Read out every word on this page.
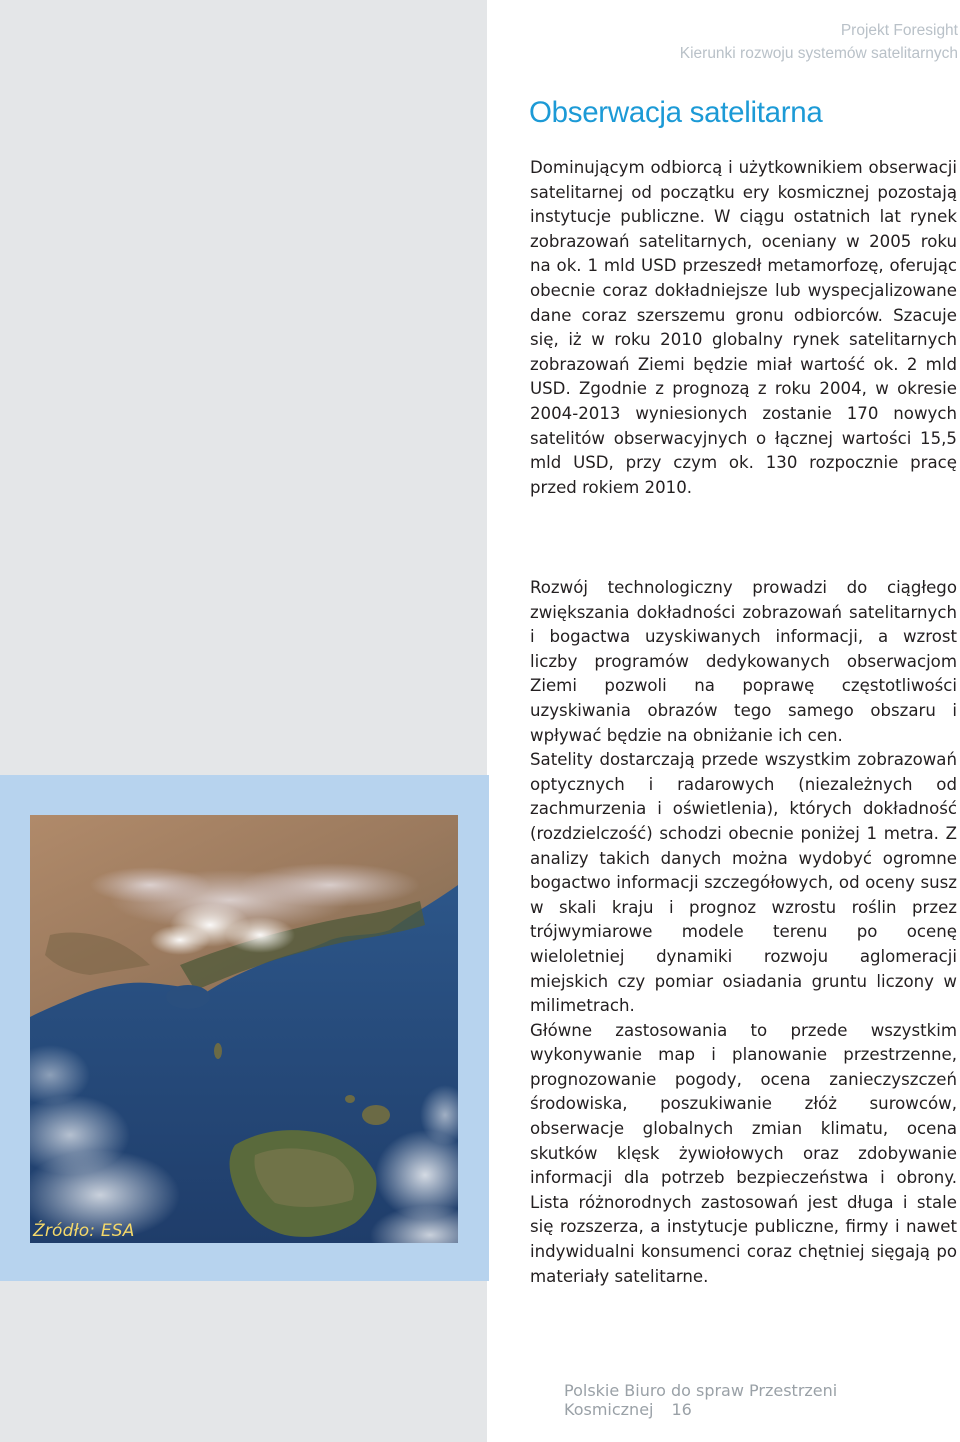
Źródło: ESA
Projekt Foresight
Kierunki rozwoju systemów satelitarnych
Obserwacja satelitarna

Dominującym odbiorcą i użytkownikiem obserwacji satelitarnej od początku ery kosmicznej pozostają instytucje publiczne. W ciągu ostatnich lat rynek zobrazowań satelitarnych, oceniany w 2005 roku na ok. 1 mld USD przeszedł metamorfozę, oferując obecnie coraz dokładniejsze lub wyspecjalizowane dane coraz szerszemu gronu odbiorców. Szacuje się, iż w roku 2010 globalny rynek satelitarnych zobrazowań Ziemi będzie miał wartość ok. 2 mld USD. Zgodnie z prognozą z roku 2004, w okresie 2004-2013 wyniesionych zostanie 170 nowych satelitów obserwacyjnych o łącznej wartości 15,5 mld USD, przy czym ok. 130 rozpocznie pracę przed rokiem 2010.

Rozwój technologiczny prowadzi do ciągłego zwiększania dokładności zobrazowań satelitarnych i bogactwa uzyskiwanych informacji, a wzrost liczby programów dedykowanych obserwacjom Ziemi pozwoli na poprawę częstotliwości uzyskiwania obrazów tego samego obszaru i wpływać będzie na obniżanie ich cen.

Satelity dostarczają przede wszystkim zobrazowań optycznych i radarowych (niezależnych od zachmurzenia i oświetlenia), których dokładność (rozdzielczość) schodzi obecnie poniżej 1 metra. Z analizy takich danych można wydobyć ogromne bogactwo informacji szczegółowych, od oceny susz w skali kraju i prognoz wzrostu roślin przez trójwymiarowe modele terenu po ocenę wieloletniej dynamiki rozwoju aglomeracji miejskich czy pomiar osiadania gruntu liczony w milimetrach.

Główne zastosowania to przede wszystkim wykonywanie map i planowanie przestrzenne, prognozowanie pogody, ocena zanieczyszczeń środowiska, poszukiwanie złóż surowców, obserwacje globalnych zmian klimatu, ocena skutków klęsk żywiołowych oraz zdobywanie informacji dla potrzeb bezpieczeństwa i obrony. Lista różnorodnych zastosowań jest długa i stale się rozszerza, a instytucje publiczne, firmy i nawet indywidualni konsumenci coraz chętniej sięgają po materiały satelitarne.

Polskie Biuro do spraw Przestrzeni Kosmicznej 16
